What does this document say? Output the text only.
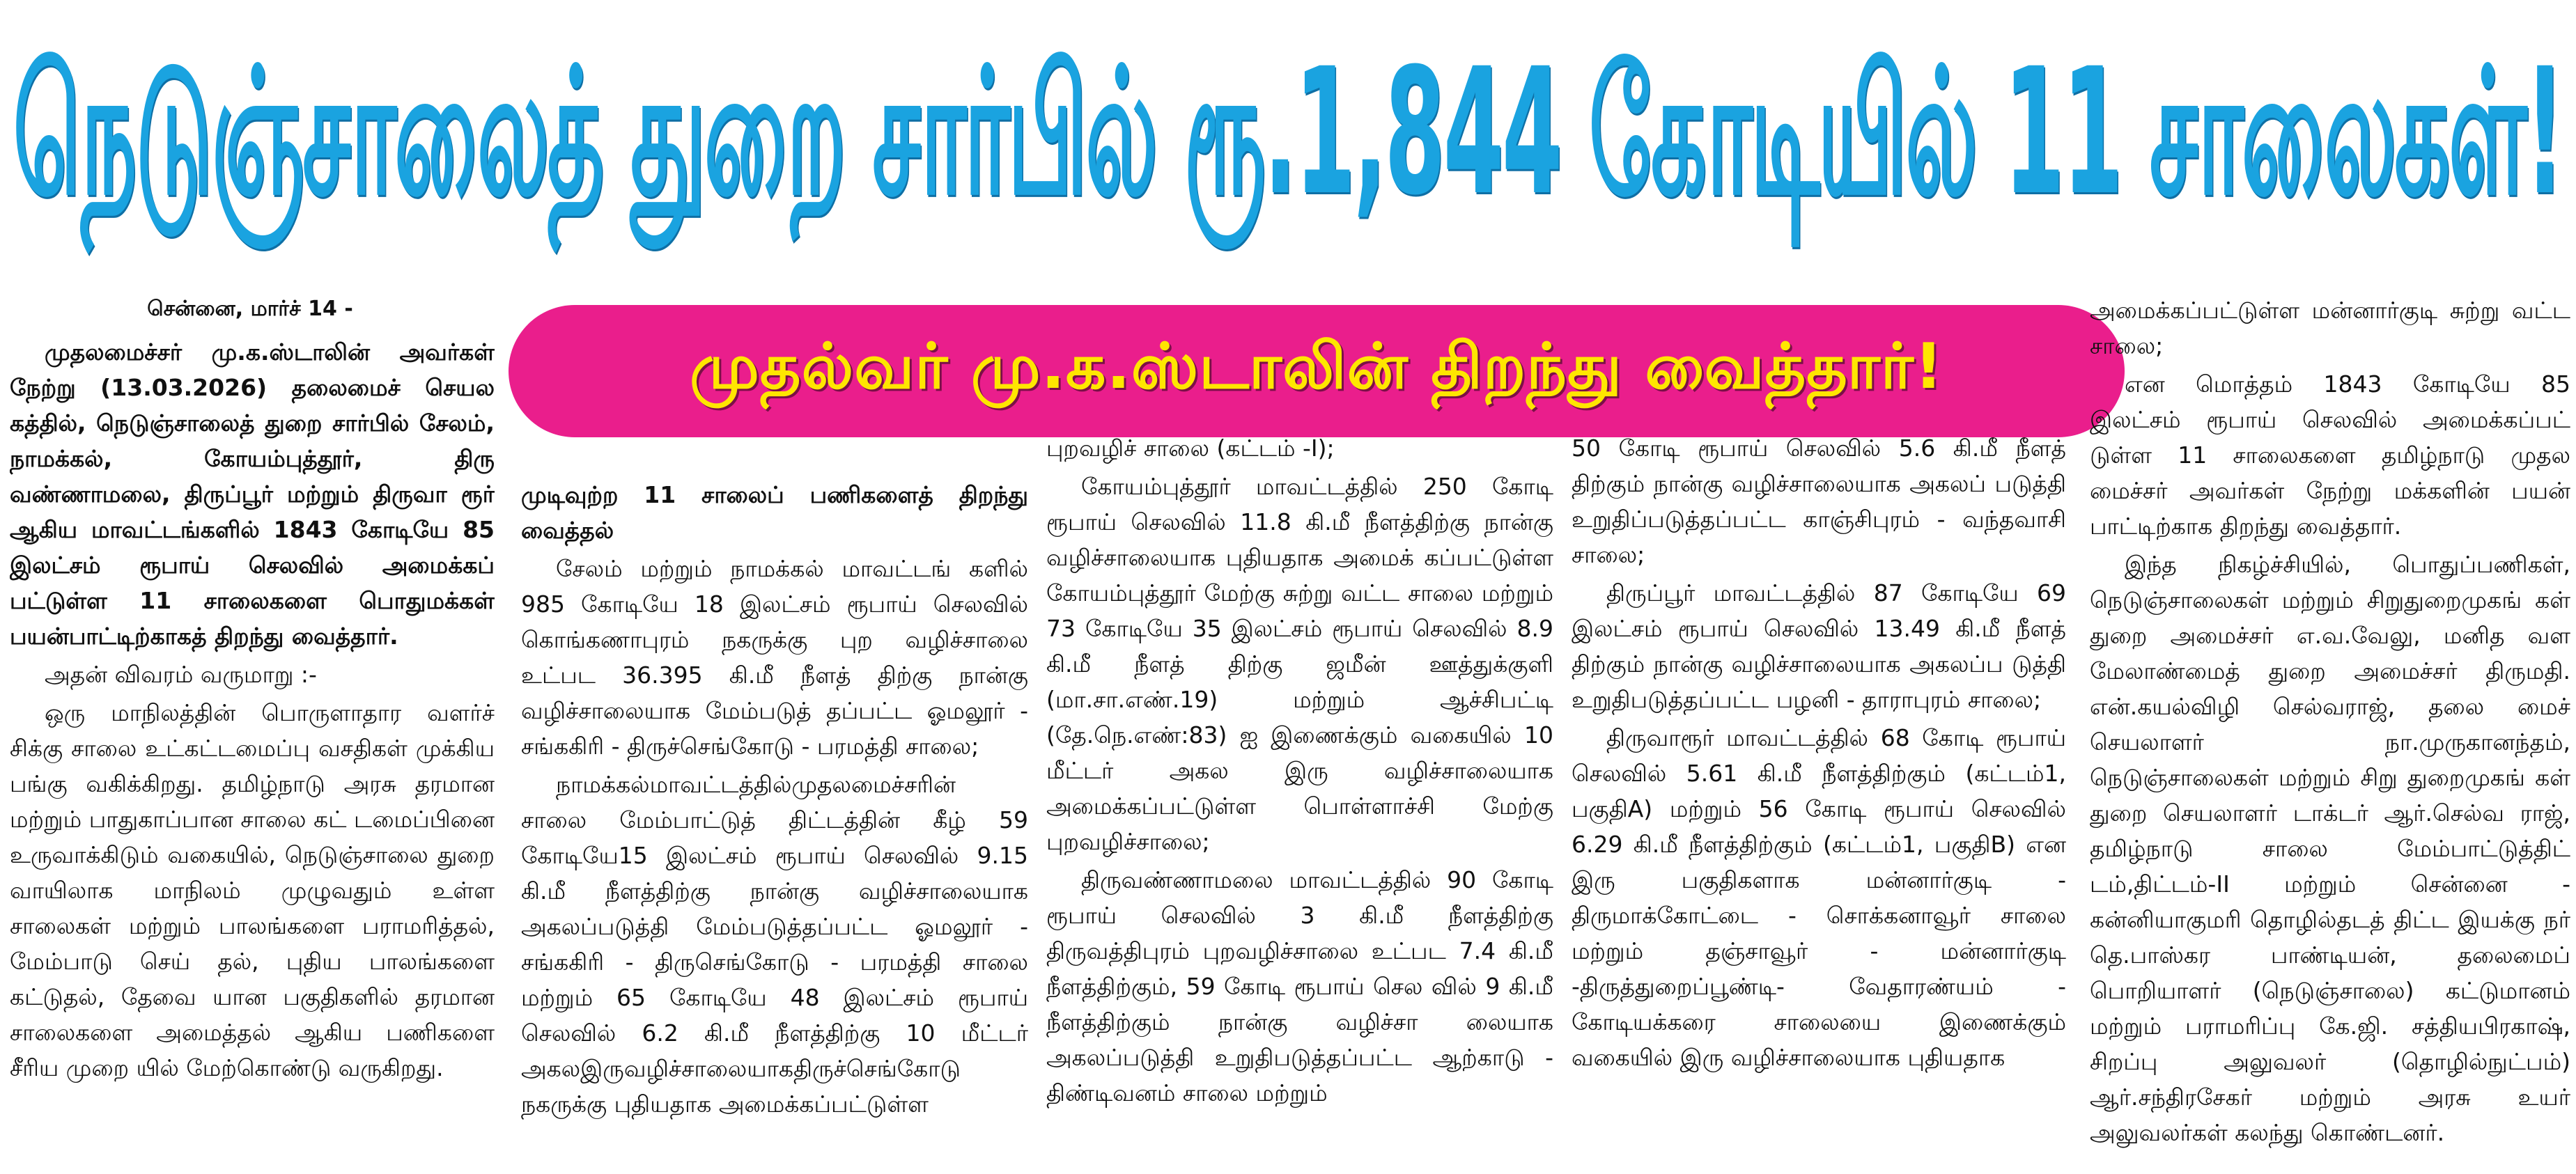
நெடுஞ்சாலைத் துறை சார்பில் ரூ.1,844 கோடியில் 11 சாலைகள்!
சென்னை, மார்ச் 14 -
முதல்வர் மு.க.ஸ்டாலின் திறந்து வைத்தார்!

முதலமைச்சர் மு.க.ஸ்டாலின் அவர்கள் நேற்று (13.03.2026) தலைமைச் செயல கத்தில், நெடுஞ்சாலைத் துறை சார்பில் சேலம், நாமக்கல், கோயம்புத்தூர், திரு வண்ணாமலை, திருப்பூர் மற்றும் திருவா ரூர் ஆகிய மாவட்டங்களில் 1843 கோடியே 85 இலட்சம் ரூபாய் செலவில் அமைக்கப் பட்டுள்ள 11 சாலைகளை பொதுமக்கள் பயன்பாட்டிற்காகத் திறந்து வைத்தார்.

அதன் விவரம் வருமாறு :-

ஒரு மாநிலத்தின் பொருளாதார வளர்ச் சிக்கு சாலை உட்கட்டமைப்பு வசதிகள் முக்கிய பங்கு வகிக்கிறது. தமிழ்நாடு அரசு தரமான மற்றும் பாதுகாப்பான சாலை கட் டமைப்பினை உருவாக்கிடும் வகையில், நெடுஞ்சாலை துறை வாயிலாக மாநிலம் முழுவதும் உள்ள சாலைகள் மற்றும் பாலங்களை பராமரித்தல், மேம்பாடு செய் தல், புதிய பாலங்களை கட்டுதல், தேவை யான பகுதிகளில் தரமான சாலைகளை அமைத்தல் ஆகிய பணிகளை சீரிய முறை யில் மேற்கொண்டு வருகிறது.

முடிவுற்ற 11 சாலைப் பணிகளைத் திறந்து வைத்தல்

சேலம் மற்றும் நாமக்கல் மாவட்டங் களில் 985 கோடியே 18 இலட்சம் ரூபாய் செலவில் கொங்கணாபுரம் நகருக்கு புற வழிச்சாலை உட்பட 36.395 கி.மீ நீளத் திற்கு நான்கு வழிச்சாலையாக மேம்படுத் தப்பட்ட ஓமலூர் - சங்ககிரி - திருச்செங்கோடு - பரமத்தி சாலை;

நாமக்கல்மாவட்டத்தில்முதலமைச்சரின் சாலை மேம்பாட்டுத் திட்டத்தின் கீழ் 59 கோடியே15 இலட்சம் ரூபாய் செலவில் 9.15 கி.மீ நீளத்திற்கு நான்கு வழிச்சாலையாக அகலப்படுத்தி மேம்படுத்தப்பட்ட ஓமலூர் - சங்ககிரி - திருசெங்கோடு - பரமத்தி சாலை மற்றும் 65 கோடியே 48 இலட்சம் ரூபாய் செலவில் 6.2 கி.மீ நீளத்திற்கு 10 மீட்டர் அகலஇருவழிச்சாலையாகதிருச்செங்கோடு நகருக்கு புதியதாக அமைக்கப்பட்டுள்ள

புறவழிச் சாலை (கட்டம் -I);

கோயம்புத்தூர் மாவட்டத்தில் 250 கோடி ரூபாய் செலவில் 11.8 கி.மீ நீளத்திற்கு நான்கு வழிச்சாலையாக புதியதாக அமைக் கப்பட்டுள்ள கோயம்புத்தூர் மேற்கு சுற்று வட்ட சாலை மற்றும் 73 கோடியே 35 இலட்சம் ரூபாய் செலவில் 8.9 கி.மீ நீளத் திற்கு ஜமீன் ஊத்துக்குளி (மா.சா.எண்.19) மற்றும் ஆச்சிபட்டி (தே.நெ.எண்:83) ஐ இணைக்கும் வகையில் 10 மீட்டர் அகல இரு வழிச்சாலையாக அமைக்கப்பட்டுள்ள பொள்ளாச்சி மேற்கு புறவழிச்சாலை;

திருவண்ணாமலை மாவட்டத்தில் 90 கோடி ரூபாய் செலவில் 3 கி.மீ நீளத்திற்கு திருவத்திபுரம் புறவழிச்சாலை உட்பட 7.4 கி.மீ நீளத்திற்கும், 59 கோடி ரூபாய் செல வில் 9 கி.மீ நீளத்திற்கும் நான்கு வழிச்சா லையாக அகலப்படுத்தி உறுதிபடுத்தப்பட்ட ஆற்காடு - திண்டிவனம் சாலை மற்றும்

50 கோடி ரூபாய் செலவில் 5.6 கி.மீ நீளத் திற்கும் நான்கு வழிச்சாலையாக அகலப் படுத்தி உறுதிப்படுத்தப்பட்ட காஞ்சிபுரம் - வந்தவாசி சாலை;

திருப்பூர் மாவட்டத்தில் 87 கோடியே 69 இலட்சம் ரூபாய் செலவில் 13.49 கி.மீ நீளத் திற்கும் நான்கு வழிச்சாலையாக அகலப்ப டுத்தி உறுதிபடுத்தப்பட்ட பழனி - தாராபுரம் சாலை;

திருவாரூர் மாவட்டத்தில் 68 கோடி ரூபாய் செலவில் 5.61 கி.மீ நீளத்திற்கும் (கட்டம்1, பகுதிA) மற்றும் 56 கோடி ரூபாய் செலவில் 6.29 கி.மீ நீளத்திற்கும் (கட்டம்1, பகுதிB) என இரு பகுதிகளாக மன்னார்குடி - திருமாக்கோட்டை - சொக்கனாவூர் சாலை மற்றும் தஞ்சாவூர் - மன்னார்குடி -திருத்துறைப்பூண்டி- வேதாரண்யம் - கோடியக்கரை சாலையை இணைக்கும் வகையில் இரு வழிச்சாலையாக புதியதாக

அமைக்கப்பட்டுள்ள மன்னார்குடி சுற்று வட்ட சாலை;

என மொத்தம் 1843 கோடியே 85 இலட்சம் ரூபாய் செலவில் அமைக்கப்பட் டுள்ள 11 சாலைகளை தமிழ்நாடு முதல மைச்சர் அவர்கள் நேற்று மக்களின் பயன் பாட்டிற்காக திறந்து வைத்தார்.

இந்த நிகழ்ச்சியில், பொதுப்பணிகள், நெடுஞ்சாலைகள் மற்றும் சிறுதுறைமுகங் கள் துறை அமைச்சர் எ.வ.வேலு, மனித வள மேலாண்மைத் துறை அமைச்சர் திருமதி. என்.கயல்விழி செல்வராஜ், தலை மைச் செயலாளர் நா.முருகானந்தம், நெடுஞ்சாலைகள் மற்றும் சிறு துறைமுகங் கள் துறை செயலாளர் டாக்டர் ஆர்.செல்வ ராஜ், தமிழ்நாடு சாலை மேம்பாட்டுத்திட் டம்,திட்டம்-II மற்றும் சென்னை - கன்னியாகுமரி தொழில்தடத் திட்ட இயக்கு நர் தெ.பாஸ்கர பாண்டியன், தலைமைப் பொறியாளர் (நெடுஞ்சாலை) கட்டுமானம் மற்றும் பராமரிப்பு கே.ஜி. சத்தியபிரகாஷ், சிறப்பு அலுவலர் (தொழில்நுட்பம்) ஆர்.சந்திரசேகர் மற்றும் அரசு உயர் அலுவலர்கள் கலந்து கொண்டனர்.
